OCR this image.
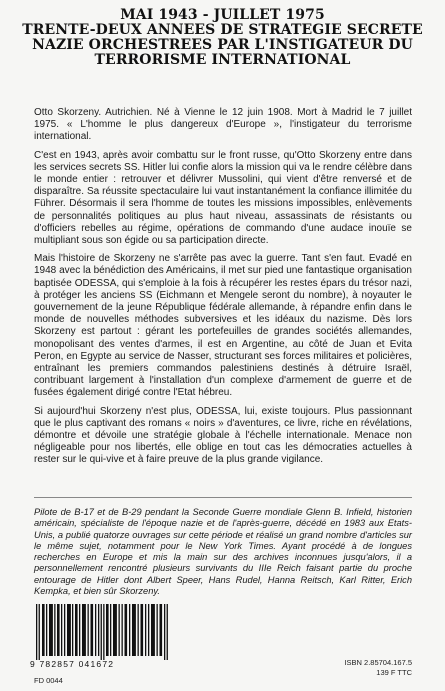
MAI 1943 - JUILLET 1975
TRENTE-DEUX ANNEES DE STRATEGIE SECRETE
NAZIE ORCHESTREES PAR L'INSTIGATEUR DU
TERRORISME INTERNATIONAL

Otto Skorzeny. Autrichien. Né à Vienne le 12 juin 1908. Mort à Madrid le 7 juillet 1975. « L'homme le plus dangereux d'Europe », l'instigateur du terrorisme international.

C'est en 1943, après avoir combattu sur le front russe, qu'Otto Skorzeny entre dans les services secrets SS. Hitler lui confie alors la mission qui va le rendre célèbre dans le monde entier : retrouver et délivrer Mussolini, qui vient d'être renversé et de disparaître. Sa réussite spectaculaire lui vaut instantanément la confiance illimitée du Führer. Désormais il sera l'homme de toutes les missions impossibles, enlèvements de personnalités politiques au plus haut niveau, assassinats de résistants ou d'officiers rebelles au régime, opérations de commando d'une audace inouïe se multipliant sous son égide ou sa participation directe.

Mais l'histoire de Skorzeny ne s'arrête pas avec la guerre. Tant s'en faut. Evadé en 1948 avec la bénédiction des Américains, il met sur pied une fantastique organisation baptisée ODESSA, qui s'emploie à la fois à récupérer les restes épars du trésor nazi, à protéger les anciens SS (Eichmann et Mengele seront du nombre), à noyauter le gouvernement de la jeune République fédérale allemande, à répandre enfin dans le monde de nouvelles méthodes subversives et les idéaux du nazisme. Dès lors Skorzeny est partout : gérant les portefeuilles de grandes sociétés allemandes, monopolisant des ventes d'armes, il est en Argentine, au côté de Juan et Evita Peron, en Egypte au service de Nasser, structurant ses forces militaires et policières, entraînant les premiers commandos palestiniens destinés à détruire Israël, contribuant largement à l'installation d'un complexe d'armement de guerre et de fusées également dirigé contre l'Etat hébreu.

Si aujourd'hui Skorzeny n'est plus, ODESSA, lui, existe toujours. Plus passionnant que le plus captivant des romans « noirs » d'aventures, ce livre, riche en révélations, démontre et dévoile une stratégie globale à l'échelle internationale. Menace non négligeable pour nos libertés, elle oblige en tout cas les démocraties actuelles à rester sur le qui-vive et à faire preuve de la plus grande vigilance.

Pilote de B-17 et de B-29 pendant la Seconde Guerre mondiale Glenn B. Infield, historien américain, spécialiste de l'époque nazie et de l'après-guerre, décédé en 1983 aux Etats-Unis, a publié quatorze ouvrages sur cette période et réalisé un grand nombre d'articles sur le même sujet, notamment pour le New York Times. Ayant procédé à de longues recherches en Europe et mis la main sur des archives inconnues jusqu'alors, il a personnellement rencontré plusieurs survivants du IIIe Reich faisant partie du proche entourage de Hitler dont Albert Speer, Hans Rudel, Hanna Reitsch, Karl Ritter, Erich Kempka, et bien sûr Skorzeny.
9 782857 041672
FD 0044
ISBN 2.85704.167.5
139 F TTC
